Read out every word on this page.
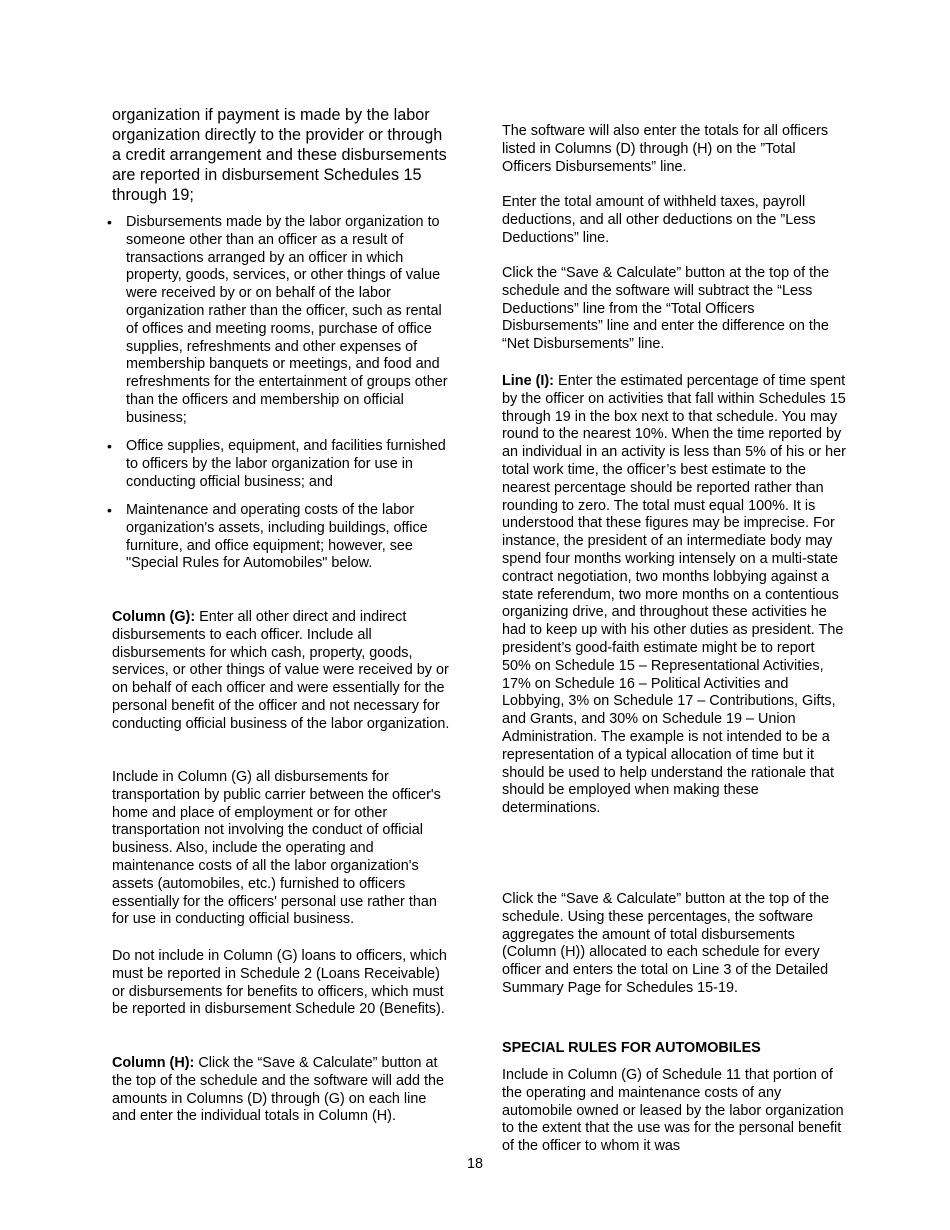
organization if payment is made by the labor organization directly to the provider or through a credit arrangement and these disbursements are reported in disbursement Schedules 15 through 19;

• Disbursements made by the labor organization to someone other than an officer as a result of transactions arranged by an officer in which property, goods, services, or other things of value were received by or on behalf of the labor organization rather than the officer, such as rental of offices and meeting rooms, purchase of office supplies, refreshments and other expenses of membership banquets or meetings, and food and refreshments for the entertainment of groups other than the officers and membership on official business;

• Office supplies, equipment, and facilities furnished to officers by the labor organization for use in conducting official business; and

• Maintenance and operating costs of the labor organization's assets, including buildings, office furniture, and office equipment; however, see "Special Rules for Automobiles" below.

Column (G): Enter all other direct and indirect disbursements to each officer. Include all disbursements for which cash, property, goods, services, or other things of value were received by or on behalf of each officer and were essentially for the personal benefit of the officer and not necessary for conducting official business of the labor organization.

Include in Column (G) all disbursements for transportation by public carrier between the officer's home and place of employment or for other transportation not involving the conduct of official business. Also, include the operating and maintenance costs of all the labor organization's assets (automobiles, etc.) furnished to officers essentially for the officers' personal use rather than for use in conducting official business.

Do not include in Column (G) loans to officers, which must be reported in Schedule 2 (Loans Receivable) or disbursements for benefits to officers, which must be reported in disbursement Schedule 20 (Benefits).

Column (H): Click the “Save & Calculate” button at the top of the schedule and the software will add the amounts in Columns (D) through (G) on each line and enter the individual totals in Column (H).

The software will also enter the totals for all officers listed in Columns (D) through (H) on the ”Total Officers Disbursements” line.

Enter the total amount of withheld taxes, payroll deductions, and all other deductions on the ”Less Deductions” line.

Click the “Save & Calculate” button at the top of the schedule and the software will subtract the “Less Deductions” line from the “Total Officers Disbursements” line and enter the difference on the “Net Disbursements” line.

Line (I): Enter the estimated percentage of time spent by the officer on activities that fall within Schedules 15 through 19 in the box next to that schedule. You may round to the nearest 10%. When the time reported by an individual in an activity is less than 5% of his or her total work time, the officer’s best estimate to the nearest percentage should be reported rather than rounding to zero. The total must equal 100%. It is understood that these figures may be imprecise. For instance, the president of an intermediate body may spend four months working intensely on a multi-state contract negotiation, two months lobbying against a state referendum, two more months on a contentious organizing drive, and throughout these activities he had to keep up with his other duties as president. The president’s good-faith estimate might be to report 50% on Schedule 15 – Representational Activities, 17% on Schedule 16 – Political Activities and Lobbying, 3% on Schedule 17 – Contributions, Gifts, and Grants, and 30% on Schedule 19 – Union Administration. The example is not intended to be a representation of a typical allocation of time but it should be used to help understand the rationale that should be employed when making these determinations.

Click the “Save & Calculate” button at the top of the schedule. Using these percentages, the software aggregates the amount of total disbursements (Column (H)) allocated to each schedule for every officer and enters the total on Line 3 of the Detailed Summary Page for Schedules 15-19.

SPECIAL RULES FOR AUTOMOBILES

Include in Column (G) of Schedule 11 that portion of the operating and maintenance costs of any automobile owned or leased by the labor organization to the extent that the use was for the personal benefit of the officer to whom it was

18
